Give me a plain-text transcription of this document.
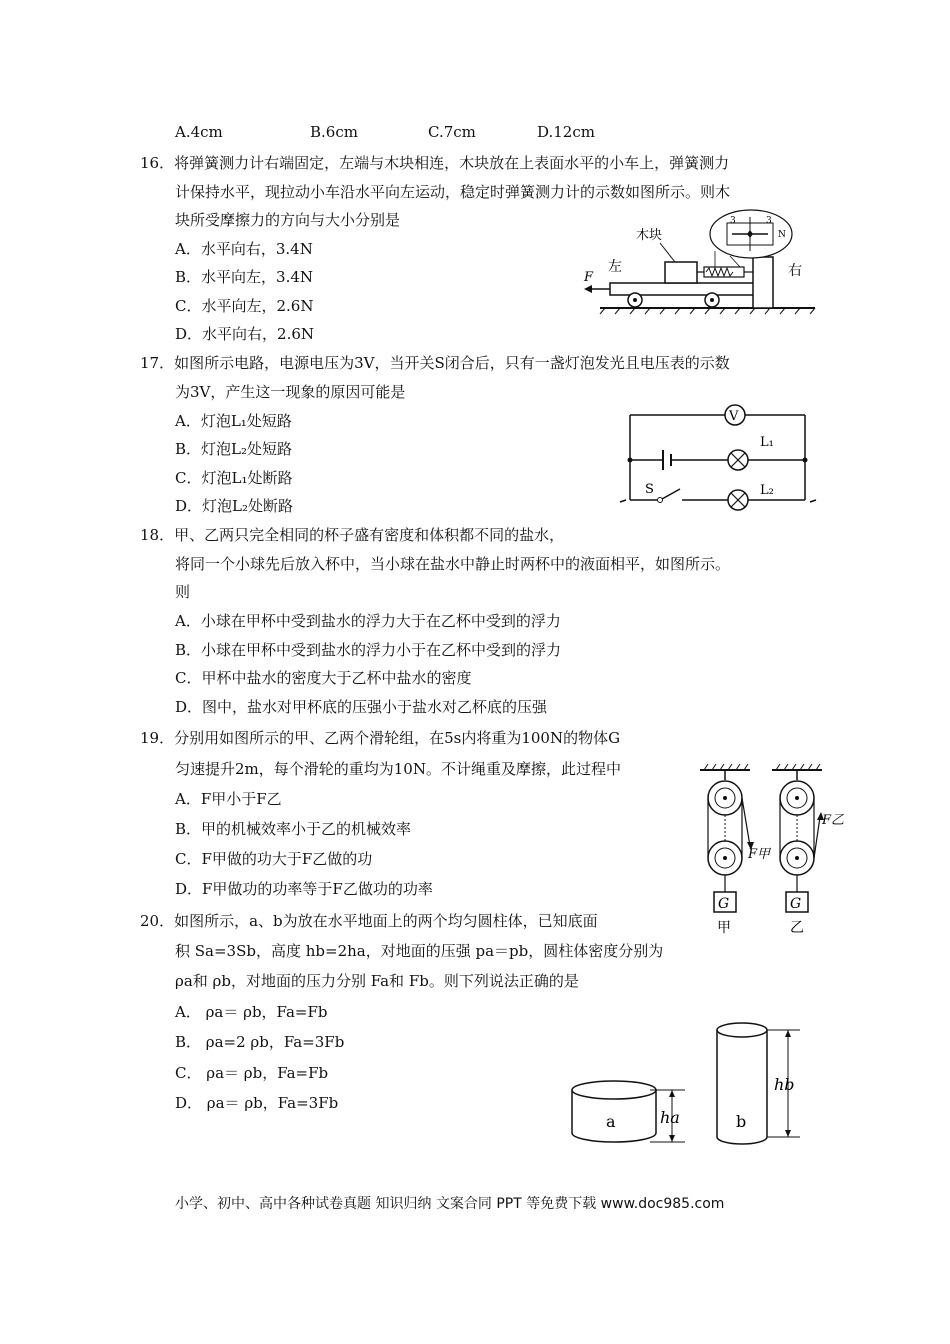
A.4cm	B.6cm	C.7cm	D.12cm
16．将弹簧测力计右端固定，左端与木块相连，木块放在上表面水平的小车上，弹簧测力
计保持水平，现拉动小车沿水平向左运动，稳定时弹簧测力计的示数如图所示。则木
块所受摩擦力的方向与大小分别是
A．水平向右，3.4N
B．水平向左，3.4N
C．水平向左，2.6N
D．水平向右，2.6N
F
左
木块
右
3	3
N
17．如图所示电路，电源电压为3V，当开关S闭合后，只有一盏灯泡发光且电压表的示数
为3V，产生这一现象的原因可能是
A．灯泡L₁处短路
B．灯泡L₂处短路
C．灯泡L₁处断路
D．灯泡L₂处断路
V
L₁
S	L₂
18．甲、乙两只完全相同的杯子盛有密度和体积都不同的盐水，
将同一个小球先后放入杯中，当小球在盐水中静止时两杯中的液面相平，如图所示。
则
A．小球在甲杯中受到盐水的浮力大于在乙杯中受到的浮力
B．小球在甲杯中受到盐水的浮力小于在乙杯中受到的浮力
C．甲杯中盐水的密度大于乙杯中盐水的密度
D．图中，盐水对甲杯底的压强小于盐水对乙杯底的压强
19．分别用如图所示的甲、乙两个滑轮组，在5s内将重为100N的物体G
匀速提升2m，每个滑轮的重均为10N。不计绳重及摩擦，此过程中
A．F甲小于F乙
B．甲的机械效率小于乙的机械效率
C．F甲做的功大于F乙做的功
D．F甲做功的功率等于F乙做功的功率
F甲
G
甲
F乙
G
乙
20．如图所示，a、b为放在水平地面上的两个均匀圆柱体，已知底面
积 Sa=3Sb，高度 hb=2ha，对地面的压强 pa＝pb，圆柱体密度分别为
ρa和 ρb，对地面的压力分别 Fa和 Fb。则下列说法正确的是
A． ρa＝ ρb，Fa=Fb
B． ρa=2 ρb，Fa=3Fb
C． ρa＝ ρb，Fa=Fb
D． ρa＝ ρb，Fa=3Fb
a	ha	b
hb
小学、初中、高中各种试卷真题 知识归纳 文案合同 PPT 等免费下载 www.doc985.com
